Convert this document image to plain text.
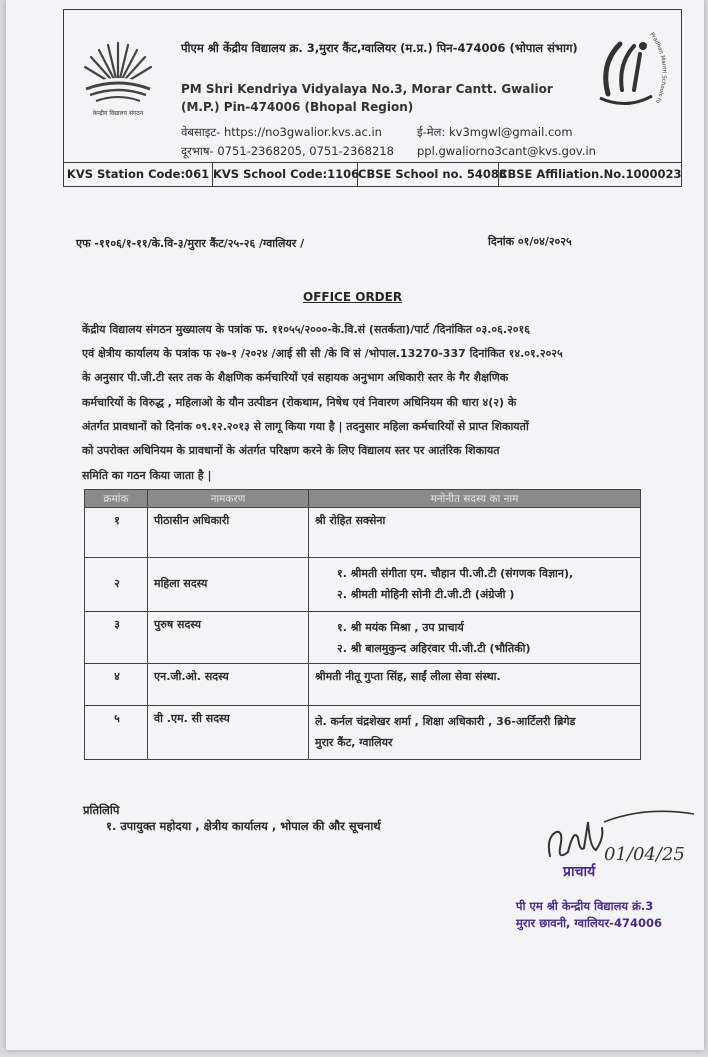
केन्द्रीय विद्यालय संगठन
पीएम श्री केंद्रीय विद्यालय क्र. 3,मुरार कैंट,ग्वालियर (म.प्र.) पिन-474006 (भोपाल संभाग)
PM Shri Kendriya Vidyalaya No.3, Morar Cantt. Gwalior (M.P.) Pin-474006 (Bhopal Region)
वेबसाइट- https://no3gwalior.kvs.ac.in	ई-मेल: kv3mgwl@gmail.com
दूरभाष- 0751-2368205, 0751-2368218 ppl.gwaliorno3cant@kvs.gov.in
Pradhan Mantri Schools fo
KVS Station Code:061 KVS School Code:1106
CBSE School no. 54083
CBSE Affiliation.No.1000023
एफ -११०६/१-११/के.वि-३/मुरार कैंट/२५-२६ /ग्वालियर /	दिनांक ०१/०४/२०२५
OFFICE ORDER
केंद्रीय विद्यालय संगठन मुख्यालय के पत्रांक फ. ११०५५/२०००-के.वि.सं (सतर्कता)/पार्ट /दिनांकित ०३.०६.२०१६
एवं क्षेत्रीय कार्यालय के पत्रांक फ २७-१ /२०२४ /आई सी सी /के वि सं /भोपाल.13270-337 दिनांकित १४.०१.२०२५
के अनुसार पी.जी.टी स्तर तक के शैक्षणिक कर्मचारियों एवं सहायक अनुभाग अधिकारी स्तर के गैर शैक्षणिक
कर्मचारियों के विरुद्ध , महिलाओ के यौन उत्पीडन (रोकथाम, निषेध एवं निवारण अधिनियम की धारा ४(२) के
अंतर्गत प्रावधानों को दिनांक ०९.१२.२०१३ से लागू किया गया है | तदनुसार महिला कर्मचारियों से प्राप्त शिकायतों
को उपरोक्त अधिनियम के प्रावधानों के अंतर्गत परिक्षण करने के लिए विद्यालय स्तर पर आतंरिक शिकायत
समिति का गठन किया जाता है |
क्रमांक	नामकरण	मनोनीत सदस्य का नाम
१	पीठासीन अधिकारी	श्री रोहित सक्सेना
२	महिला सदस्य	१. श्रीमती संगीता एम. चौहान पी.जी.टी (संगणक विज्ञान),
२. श्रीमती मोहिनी सोनी टी.जी.टी (अंग्रेजी )

३	पुरुष सदस्य	१. श्री मयंक मिश्रा , उप प्राचार्य
२. श्री बालमुकुन्द अहिरवार पी.जी.टी (भौतिकी)

४	एन.जी.ओ. सदस्य	श्रीमती नीतू गुप्ता सिंह, साईं लीला सेवा संस्था.
५	वी .एम. सी सदस्य	ले. कर्नल चंद्रशेखर शर्मा , शिक्षा अधिकारी , 36-आर्टिलरी ब्रिगेड
मुरार कैंट, ग्वालियर
प्रतिलिपि
१. उपायुक्त महोदया , क्षेत्रीय कार्यालय , भोपाल की और सूचनार्थ
01/04/25
प्राचार्य
पी एम श्री केन्द्रीय विद्यालय क्रं.3
मुरार छावनी, ग्वालियर-474006
